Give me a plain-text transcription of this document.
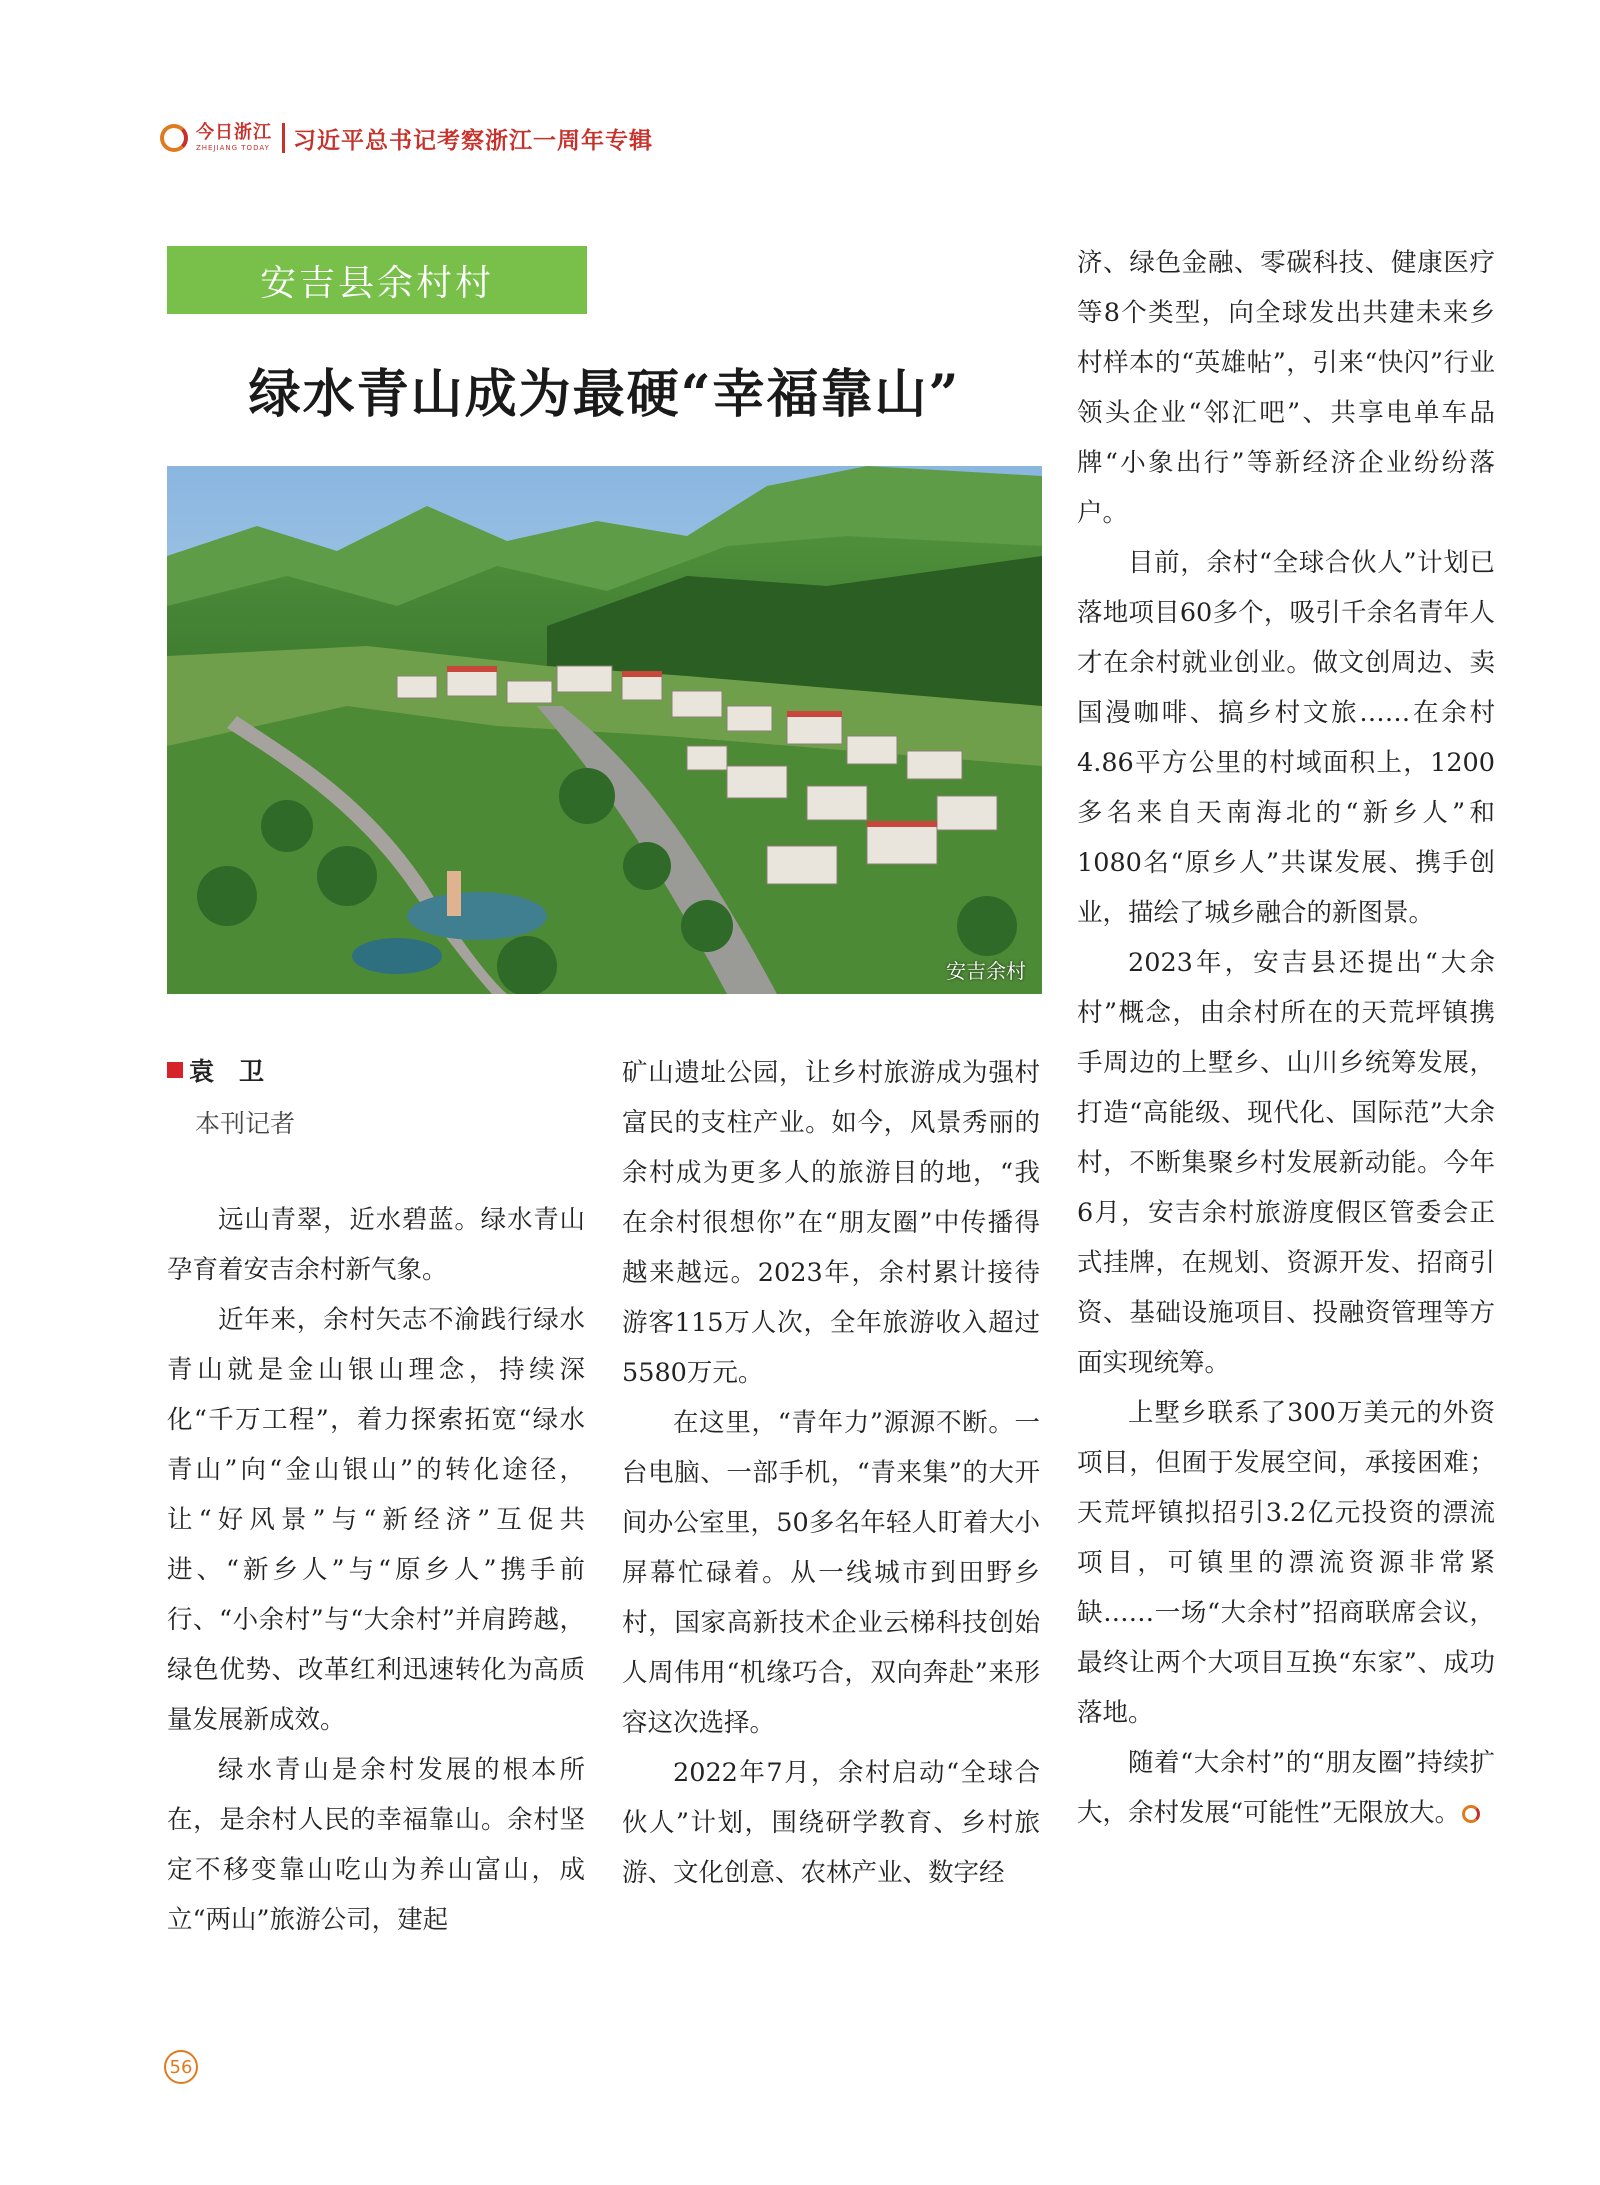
今日浙江
ZHEJIANG TODAY 习近平总书记考察浙江一周年专辑
安吉县余村村
绿水青山成为最硬“幸福靠山”
安吉余村
袁　卫
本刊记者

远山青翠，近水碧蓝。绿水青山孕育着安吉余村新气象。

近年来，余村矢志不渝践行绿水青山就是金山银山理念，持续深化“千万工程”，着力探索拓宽“绿水青山”向“金山银山”的转化途径，让“好风景”与“新经济”互促共进、“新乡人”与“原乡人”携手前行、“小余村”与“大余村”并肩跨越，绿色优势、改革红利迅速转化为高质量发展新成效。

绿水青山是余村发展的根本所在，是余村人民的幸福靠山。余村坚定不移变靠山吃山为养山富山，成立“两山”旅游公司，建起

矿山遗址公园，让乡村旅游成为强村富民的支柱产业。如今，风景秀丽的余村成为更多人的旅游目的地，“我在余村很想你”在“朋友圈”中传播得越来越远。2023年，余村累计接待游客115万人次，全年旅游收入超过5580万元。

在这里，“青年力”源源不断。一台电脑、一部手机，“青来集”的大开间办公室里，50多名年轻人盯着大小屏幕忙碌着。从一线城市到田野乡村，国家高新技术企业云梯科技创始人周伟用“机缘巧合，双向奔赴”来形容这次选择。

2022年7月，余村启动“全球合伙人”计划，围绕研学教育、乡村旅游、文化创意、农林产业、数字经

济、绿色金融、零碳科技、健康医疗等8个类型，向全球发出共建未来乡村样本的“英雄帖”，引来“快闪”行业领头企业“邻汇吧”、共享电单车品牌“小象出行”等新经济企业纷纷落户。

目前，余村“全球合伙人”计划已落地项目60多个，吸引千余名青年人才在余村就业创业。做文创周边、卖国漫咖啡、搞乡村文旅……在余村4.86平方公里的村域面积上，1200多名来自天南海北的“新乡人”和1080名“原乡人”共谋发展、携手创业，描绘了城乡融合的新图景。

2023年，安吉县还提出“大余村”概念，由余村所在的天荒坪镇携手周边的上墅乡、山川乡统筹发展，打造“高能级、现代化、国际范”大余村，不断集聚乡村发展新动能。今年6月，安吉余村旅游度假区管委会正式挂牌，在规划、资源开发、招商引资、基础设施项目、投融资管理等方面实现统筹。

上墅乡联系了300万美元的外资项目，但囿于发展空间，承接困难；天荒坪镇拟招引3.2亿元投资的漂流项目，可镇里的漂流资源非常紧缺……一场“大余村”招商联席会议，最终让两个大项目互换“东家”、成功落地。

随着“大余村”的“朋友圈”持续扩大，余村发展“可能性”无限放大。

56
